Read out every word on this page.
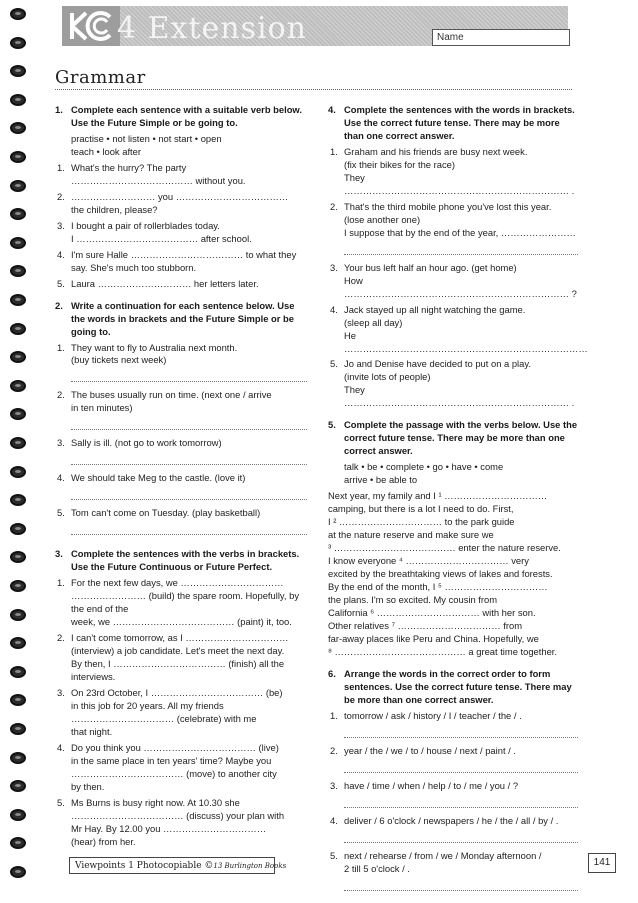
4 Extension	Name
Grammar
1. Complete each sentence with a suitable verb below. Use the Future Simple or be going to.
practise • not listen • not start • open
teach • look after
1. What's the hurry? The party
………………………………… without you.
2. ……………………… you ………………………………
the children, please?
3. I bought a pair of rollerblades today.
I ………………………………… after school.
4. I'm sure Halle ……………………………… to what they
say. She's much too stubborn.
5. Laura ………………………… her letters later.
2. Write a continuation for each sentence below. Use the words in brackets and the Future Simple or be going to.
1. They want to fly to Australia next month.
(buy tickets next week)
2. The buses usually run on time. (next one / arrive
in ten minutes)
3. Sally is ill. (not go to work tomorrow)
4. We should take Meg to the castle. (love it)
5. Tom can't come on Tuesday. (play basketball)
3. Complete the sentences with the verbs in brackets. Use the Future Continuous or Future Perfect.
1. For the next few days, we ……………………………
…………………… (build) the spare room. Hopefully, by the end of the
week, we ………………………………… (paint) it, too.
2. I can't come tomorrow, as I ……………………………
(interview) a job candidate. Let's meet the next day.
By then, I ……………………………… (finish) all the
interviews.
3. On 23rd October, I ……………………………… (be)
in this job for 20 years. All my friends
…………………………… (celebrate) with me
that night.
4. Do you think you ……………………………… (live)
in the same place in ten years' time? Maybe you
……………………………… (move) to another city
by then.
5. Ms Burns is busy right now. At 10.30 she
……………………………… (discuss) your plan with
Mr Hay. By 12.00 you ……………………………
(hear) from her.
4. Complete the sentences with the words in brackets. Use the correct future tense. There may be more than one correct answer.
1. Graham and his friends are busy next week.
(fix their bikes for the race)
They ……………………………………………………………… .
2. That's the third mobile phone you've lost this year.
(lose another one)
I suppose that by the end of the year, ……………………
3. Your bus left half an hour ago. (get home)
How ……………………………………………………………… ?
4. Jack stayed up all night watching the game.
(sleep all day)
He ……………………………………………………………………
5. Jo and Denise have decided to put on a play.
(invite lots of people)
They ……………………………………………………………… .
5. Complete the passage with the verbs below. Use the correct future tense. There may be more than one correct answer.
talk • be • complete • go • have • come
arrive • be able to
Next year, my family and I ¹ ……………………………
camping, but there is a lot I need to do. First,
I ² …………………………… to the park guide
at the nature reserve and make sure we
³ ………………………………… enter the nature reserve.
I know everyone ⁴ …………………………… very
excited by the breathtaking views of lakes and forests.
By the end of the month, I ⁵ ……………………………
the plans. I'm so excited. My cousin from
California ⁶ …………………………… with her son.
Other relatives ⁷ …………………………… from
far-away places like Peru and China. Hopefully, we
⁸ …………………………………… a great time together.
6. Arrange the words in the correct order to form sentences. Use the correct future tense. There may be more than one correct answer.
1. tomorrow / ask / history / I / teacher / the / .
2. year / the / we / to / house / next / paint / .
3. have / time / when / help / to / me / you / ?
4. deliver / 6 o'clock / newspapers / he / the / all / by / .
5. next / rehearse / from / we / Monday afternoon /
2 till 5 o'clock / .
Viewpoints 1 Photocopiable ©13 Burlington Books	141
